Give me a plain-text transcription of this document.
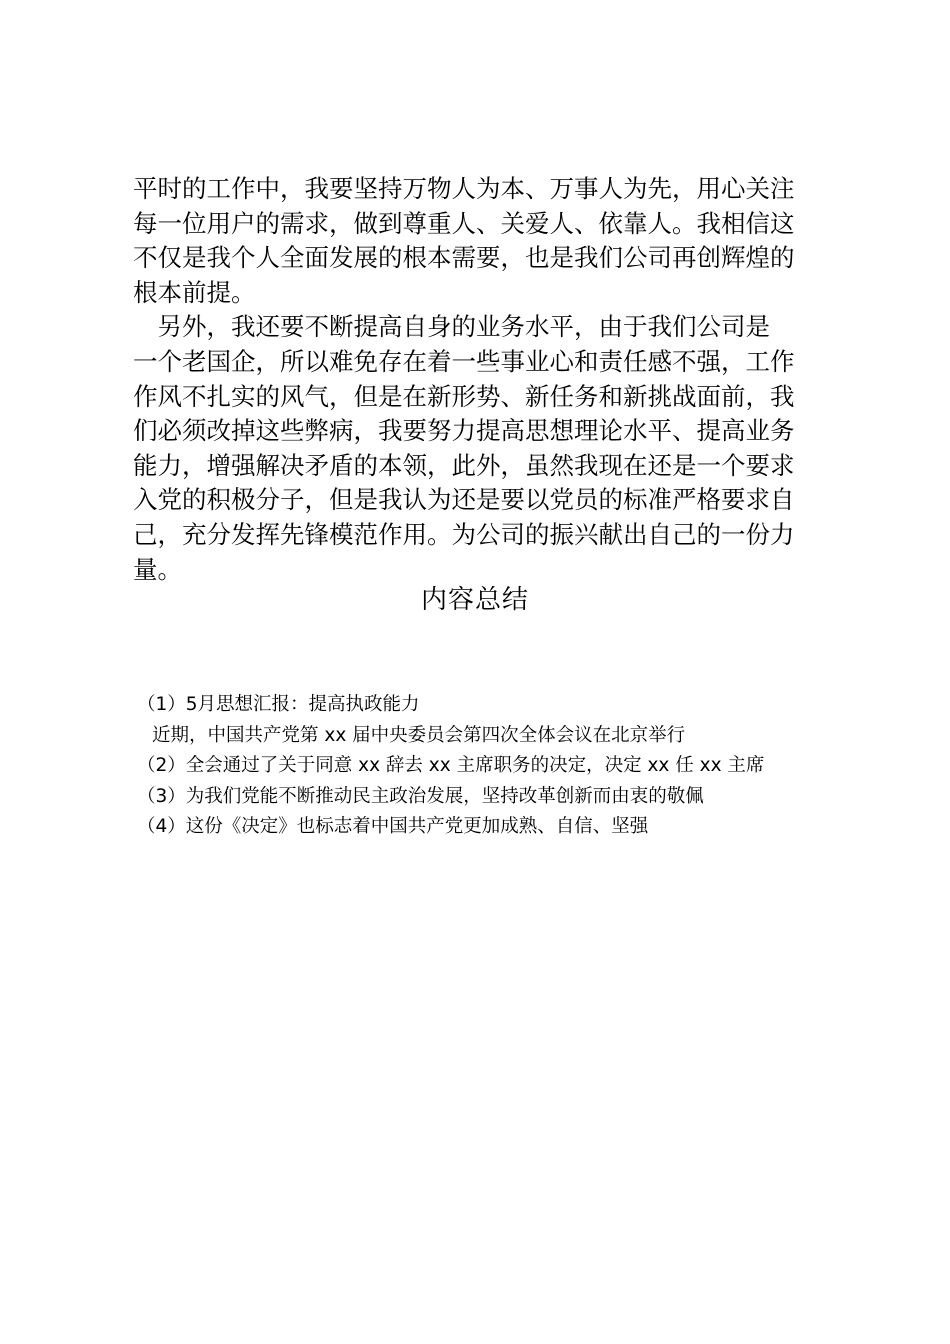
平时的工作中，我要坚持万物人为本、万事人为先，用心关注
每一位用户的需求，做到尊重人、关爱人、依靠人。我相信这
不仅是我个人全面发展的根本需要，也是我们公司再创辉煌的
根本前提。
　另外，我还要不断提高自身的业务水平，由于我们公司是
一个老国企，所以难免存在着一些事业心和责任感不强，工作
作风不扎实的风气，但是在新形势、新任务和新挑战面前，我
们必须改掉这些弊病，我要努力提高思想理论水平、提高业务
能力，增强解决矛盾的本领，此外，虽然我现在还是一个要求
入党的积极分子，但是我认为还是要以党员的标准严格要求自
己，充分发挥先锋模范作用。为公司的振兴献出自己的一份力
量。
内容总结
（1）5月思想汇报：提高执政能力
近期，中国共产党第 xx 届中央委员会第四次全体会议在北京举行
（2）全会通过了关于同意 xx 辞去 xx 主席职务的决定，决定 xx 任 xx 主席
（3）为我们党能不断推动民主政治发展，坚持改革创新而由衷的敬佩
（4）这份《决定》也标志着中国共产党更加成熟、自信、坚强
